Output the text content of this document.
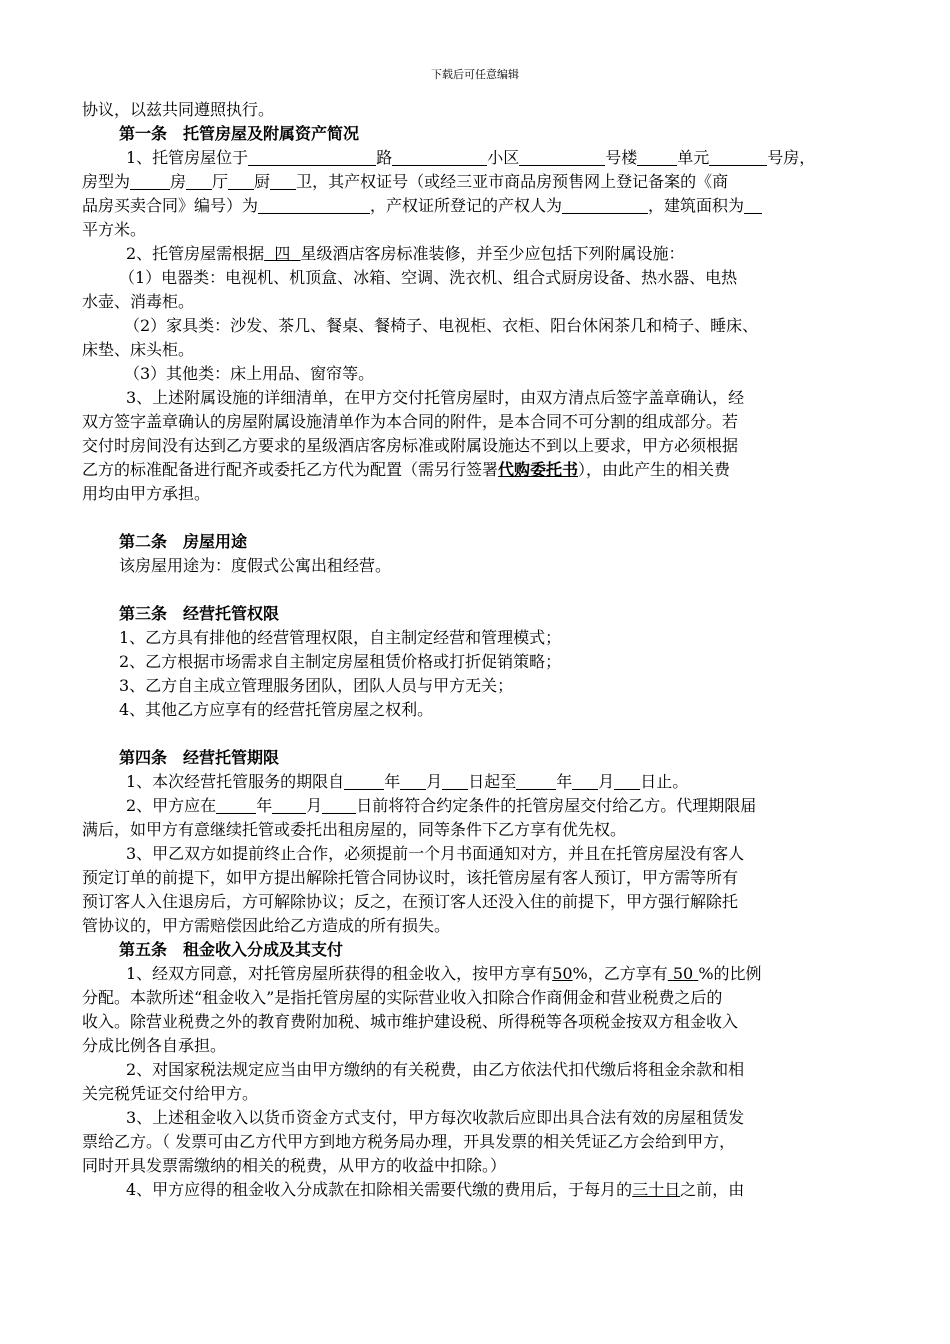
下载后可任意编辑
协议，以兹共同遵照执行。
第一条　托管房屋及附属资产简况
1、托管房屋位于	路	小区	号楼	单元	号房，
房型为	房 厅 厨 卫，其产权证号（或经三亚市商品房预售网上登记备案的《商
品房买卖合同》编号）为	，产权证所登记的产权人为	，建筑面积为
平方米。
2、托管房屋需根据 四 星级酒店客房标准装修，并至少应包括下列附属设施：
（1）电器类：电视机、机顶盒、冰箱、空调、洗衣机、组合式厨房设备、热水器、电热
水壶、消毒柜。
（2）家具类：沙发、茶几、餐桌、餐椅子、电视柜、衣柜、阳台休闲茶几和椅子、睡床、
床垫、床头柜。
（3）其他类：床上用品、窗帘等。
3、上述附属设施的详细清单，在甲方交付托管房屋时，由双方清点后签字盖章确认，经
双方签字盖章确认的房屋附属设施清单作为本合同的附件，是本合同不可分割的组成部分。若
交付时房间没有达到乙方要求的星级酒店客房标准或附属设施达不到以上要求，甲方必须根据
乙方的标准配备进行配齐或委托乙方代为配置（需另行签署代购委托书），由此产生的相关费
用均由甲方承担。
第二条　房屋用途
该房屋用途为：度假式公寓出租经营。
第三条　经营托管权限
1、乙方具有排他的经营管理权限，自主制定经营和管理模式；
2、乙方根据市场需求自主制定房屋租赁价格或打折促销策略；
3、乙方自主成立管理服务团队，团队人员与甲方无关；
4、其他乙方应享有的经营托管房屋之权利。
第四条　经营托管期限
1、本次经营托管服务的期限自	年 月 日起至	年 月 日止。
2、甲方应在	年 月 日前将符合约定条件的托管房屋交付给乙方。代理期限届
满后，如甲方有意继续托管或委托出租房屋的，同等条件下乙方享有优先权。
3、甲乙双方如提前终止合作，必须提前一个月书面通知对方，并且在托管房屋没有客人
预定订单的前提下，如甲方提出解除托管合同协议时，该托管房屋有客人预订，甲方需等所有
预订客人入住退房后，方可解除协议；反之，在预订客人还没入住的前提下，甲方强行解除托
管协议的，甲方需赔偿因此给乙方造成的所有损失。
第五条　租金收入分成及其支付
1、经双方同意，对托管房屋所获得的租金收入，按甲方享有50%，乙方享有 50 %的比例
分配。本款所述“租金收入”是指托管房屋的实际营业收入扣除合作商佣金和营业税费之后的
收入。除营业税费之外的教育费附加税、城市维护建设税、所得税等各项税金按双方租金收入
分成比例各自承担。
2、对国家税法规定应当由甲方缴纳的有关税费，由乙方依法代扣代缴后将租金余款和相
关完税凭证交付给甲方。
3、上述租金收入以货币资金方式支付，甲方每次收款后应即出具合法有效的房屋租赁发
票给乙方。（ 发票可由乙方代甲方到地方税务局办理，开具发票的相关凭证乙方会给到甲方，
同时开具发票需缴纳的相关的税费，从甲方的收益中扣除。）
4、甲方应得的租金收入分成款在扣除相关需要代缴的费用后，于每月的三十日之前，由
